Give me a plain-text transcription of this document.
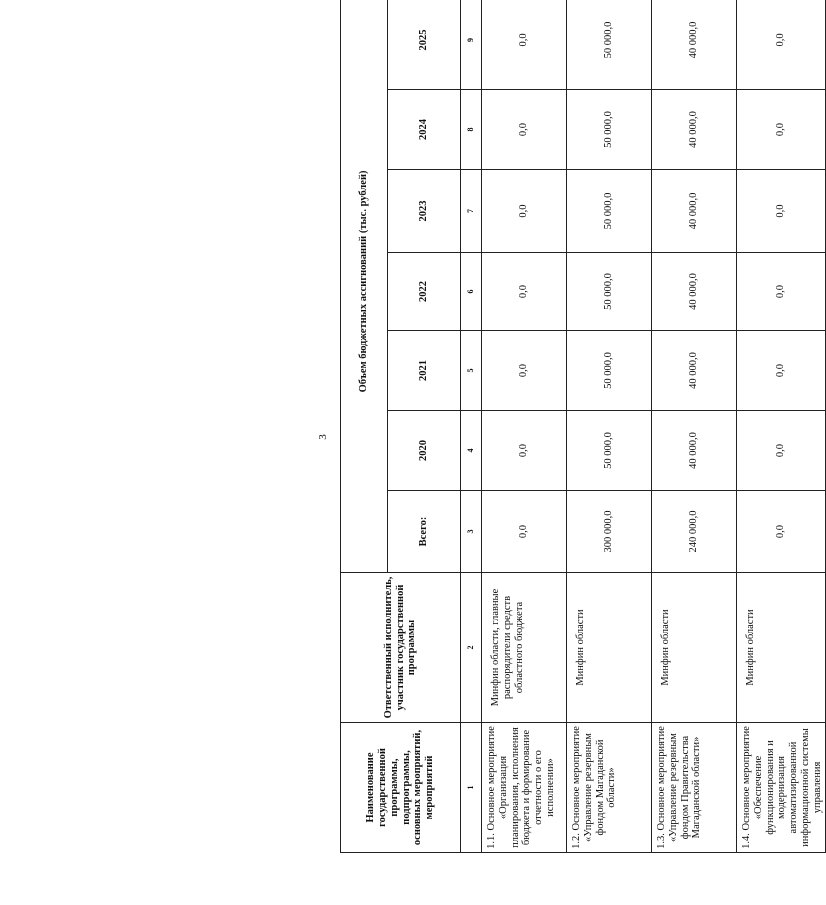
3
Наименование государственной программы, подпрограммы, основных мероприятий, мероприятий	Ответственный исполнитель, участник государственной программы	Объем бюджетных ассигнований (тыс. рублей)						
		Всего:	2020	2021	2022	2023	2024	2025
1	2	3	4	5	6	7	8	9
1.1. Основное мероприятие «Организация планирования, исполнения бюджета и формирование отчетности о его исполнении»	Минфин области, главные распорядители средств областного бюджета	0,0	0,0	0,0	0,0	0,0	0,0	0,0
1.2. Основное мероприятие «Управление резервным фондом Магаданской области»	Минфин области	300 000,0	50 000,0	50 000,0	50 000,0	50 000,0	50 000,0	50 000,0
1.3. Основное мероприятие «Управление резервным фондом Правительства Магаданской области»	Минфин области	240 000,0	40 000,0	40 000,0	40 000,0	40 000,0	40 000,0	40 000,0
1.4. Основное мероприятие «Обеспечение функционирования и модернизация автоматизированной информационной системы управления	Минфин области	0,0	0,0	0,0	0,0	0,0	0,0	0,0
